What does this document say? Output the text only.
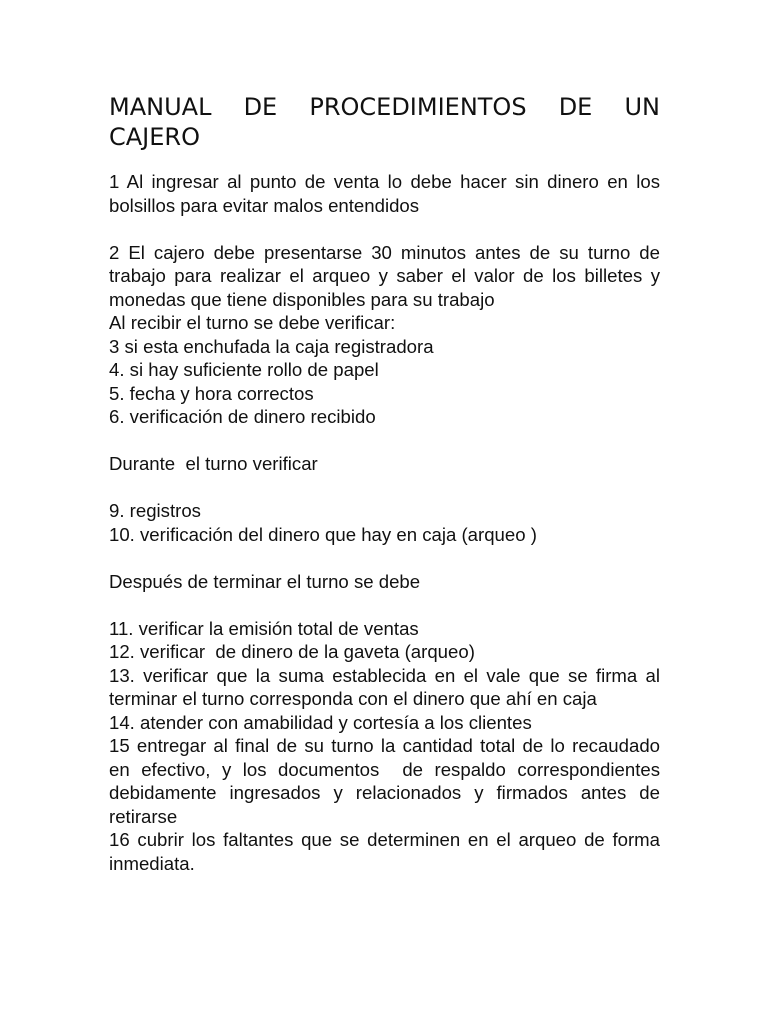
MANUAL DE PROCEDIMIENTOS DE UN
CAJERO

1 Al ingresar al punto de venta lo debe hacer sin dinero en los bolsillos para evitar malos entendidos

2 El cajero debe presentarse 30 minutos antes de su turno de trabajo para realizar el arqueo y saber el valor de los billetes y monedas que tiene disponibles para su trabajo

Al recibir el turno se debe verificar:

3 si esta enchufada la caja registradora

4. si hay suficiente rollo de papel

5. fecha y hora correctos

6. verificación de dinero recibido

Durante  el turno verificar

9. registros

10. verificación del dinero que hay en caja (arqueo )

Después de terminar el turno se debe

11. verificar la emisión total de ventas

12. verificar  de dinero de la gaveta (arqueo)

13. verificar que la suma establecida en el vale que se firma al terminar el turno corresponda con el dinero que ahí en caja

14. atender con amabilidad y cortesía a los clientes

15 entregar al final de su turno la cantidad total de lo recaudado en efectivo, y los documentos  de respaldo correspondientes debidamente ingresados y relacionados y firmados antes de retirarse

16 cubrir los faltantes que se determinen en el arqueo de forma inmediata.
